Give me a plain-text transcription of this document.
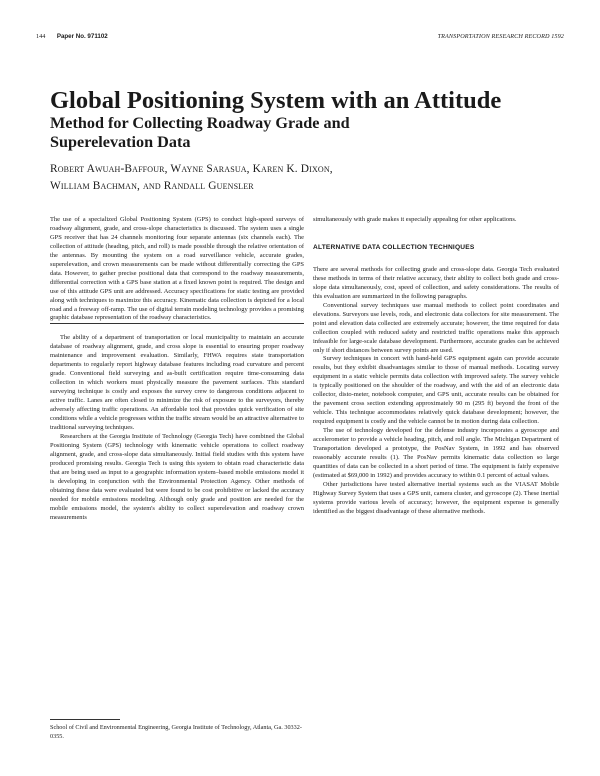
144 Paper No. 971102	TRANSPORTATION RESEARCH RECORD 1592
Global Positioning System with an Attitude
Method for Collecting Roadway Grade and
Superelevation Data
Robert Awuah-Baffour, Wayne Sarasua, Karen K. Dixon,
William Bachman, and Randall Guensler

The use of a specialized Global Positioning System (GPS) to conduct high-speed surveys of roadway alignment, grade, and cross-slope characteristics is discussed. The system uses a single GPS receiver that has 24 channels monitoring four separate antennas (six channels each). The collection of attitude (heading, pitch, and roll) is made possible through the relative orientation of the antennas. By mounting the system on a road surveillance vehicle, accurate grades, superelevation, and crown measurements can be made without differentially correcting the GPS data. However, to gather precise positional data that correspond to the roadway measurements, differential correction with a GPS base station at a fixed known point is required. The design and use of this attitude GPS unit are addressed. Accuracy specifications for static testing are provided along with techniques to maximize this accuracy. Kinematic data collection is depicted for a local road and a freeway off-ramp. The use of digital terrain modeling technology provides a promising graphic database representation of the roadway characteristics.

The ability of a department of transportation or local municipality to maintain an accurate database of roadway alignment, grade, and cross slope is essential to ensuring proper roadway maintenance and improvement evaluation. Similarly, FHWA requires state transportation departments to regularly report highway database features including road curvature and percent grade. Conventional field surveying and as-built certification require time-consuming data collection in which workers must physically measure the pavement surfaces. This standard surveying technique is costly and exposes the survey crew to dangerous conditions adjacent to active traffic. Lanes are often closed to minimize the risk of exposure to the surveyors, thereby adversely affecting traffic operations. An affordable tool that provides quick verification of site conditions while a vehicle progresses within the traffic stream would be an attractive alternative to traditional surveying techniques.

Researchers at the Georgia Institute of Technology (Georgia Tech) have combined the Global Positioning System (GPS) technology with kinematic vehicle operations to collect roadway alignment, grade, and cross-slope data simultaneously. Initial field studies with this system have produced promising results. Georgia Tech is using this system to obtain road characteristic data that are being used as input to a geographic information system–based mobile emissions model it is developing in conjunction with the Environmental Protection Agency. Other methods of obtaining these data were evaluated but were found to be cost prohibitive or lacked the accuracy needed for mobile emissions modeling. Although only grade and position are needed for the mobile emissions model, the system's ability to collect superelevation and roadway crown measurements

School of Civil and Environmental Engineering, Georgia Institute of Technology, Atlanta, Ga. 30332-0355.

simultaneously with grade makes it especially appealing for other applications.

ALTERNATIVE DATA COLLECTION TECHNIQUES

There are several methods for collecting grade and cross-slope data. Georgia Tech evaluated these methods in terms of their relative accuracy, their ability to collect both grade and cross-slope data simultaneously, cost, speed of collection, and safety considerations. The results of this evaluation are summarized in the following paragraphs.

Conventional survey techniques use manual methods to collect point coordinates and elevations. Surveyors use levels, rods, and electronic data collectors for site measurement. The point and elevation data collected are extremely accurate; however, the time required for data collection coupled with reduced safety and restricted traffic operations make this approach infeasible for large-scale database development. Furthermore, accurate grades can be achieved only if short distances between survey points are used.

Survey techniques in concert with hand-held GPS equipment again can provide accurate results, but they exhibit disadvantages similar to those of manual methods. Locating survey equipment in a static vehicle permits data collection with improved safety. The survey vehicle is typically positioned on the shoulder of the roadway, and with the aid of an electronic data collector, disto-meter, notebook computer, and GPS unit, accurate results can be obtained for the pavement cross section extending approximately 90 m (295 ft) beyond the front of the vehicle. This technique accommodates relatively quick database development; however, the required equipment is costly and the vehicle cannot be in motion during data collection.

The use of technology developed for the defense industry incorporates a gyroscope and accelerometer to provide a vehicle heading, pitch, and roll angle. The Michigan Department of Transportation developed a prototype, the PosNav System, in 1992 and has observed reasonably accurate results (1). The PosNav permits kinematic data collection so large quantities of data can be collected in a short period of time. The equipment is fairly expensive (estimated at $69,000 in 1992) and provides accuracy to within 0.1 percent of actual values.

Other jurisdictions have tested alternative inertial systems such as the VIASAT Mobile Highway Survey System that uses a GPS unit, camera cluster, and gyroscope (2). These inertial systems provide various levels of accuracy; however, the equipment expense is generally identified as the biggest disadvantage of these alternative methods.
